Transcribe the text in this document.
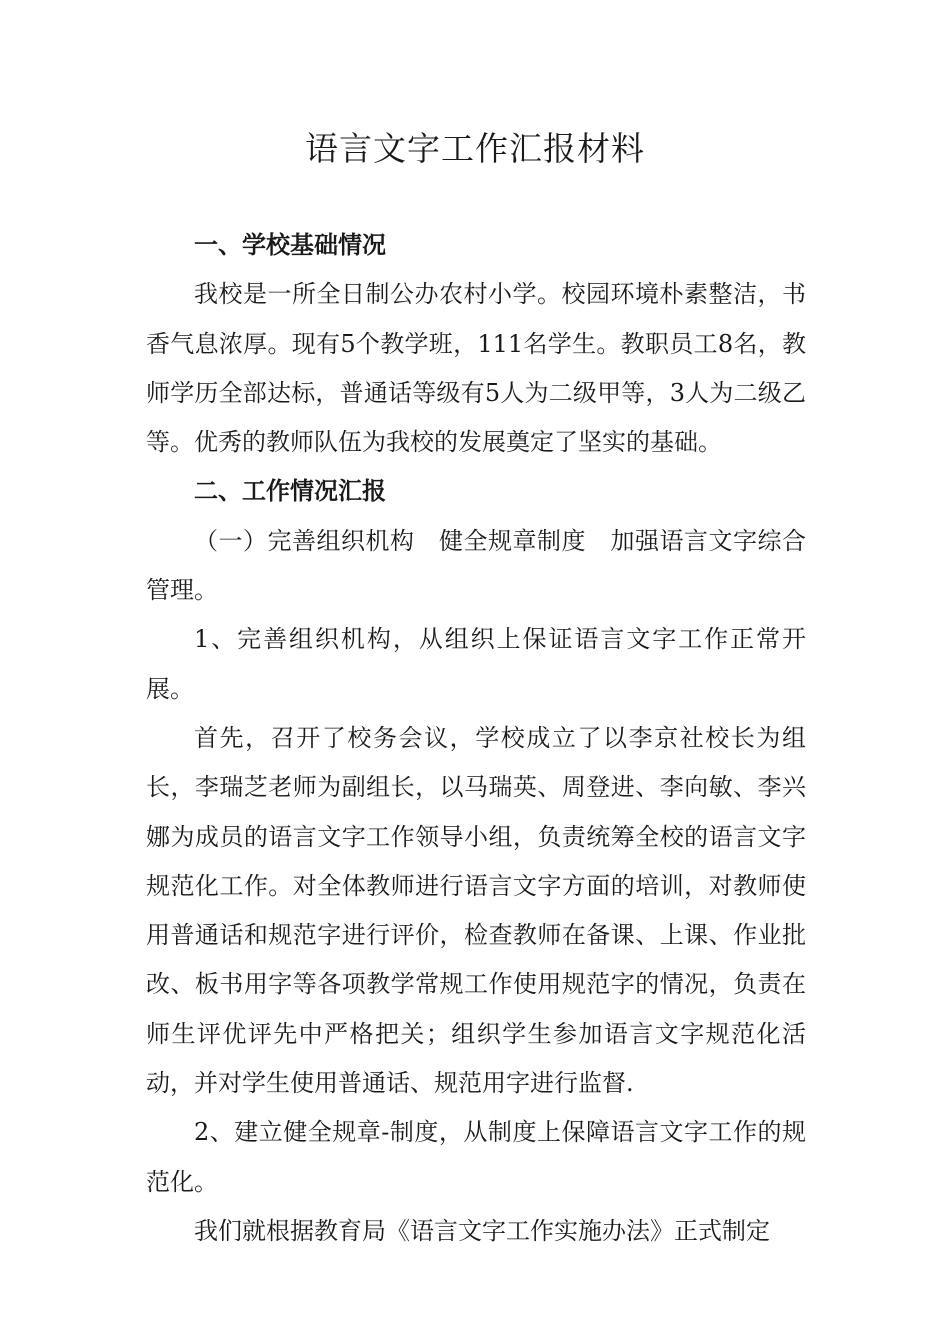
语言文字工作汇报材料

一、学校基础情况

我校是一所全日制公办农村小学。校园环境朴素整洁，书香气息浓厚。现有5个教学班，111名学生。教职员工8名，教师学历全部达标，普通话等级有5人为二级甲等，3人为二级乙等。优秀的教师队伍为我校的发展奠定了坚实的基础。

二、工作情况汇报

（一）完善组织机构　健全规章制度　加强语言文字综合管理。

1、完善组织机构，从组织上保证语言文字工作正常开展。

首先，召开了校务会议，学校成立了以李京社校长为组长，李瑞芝老师为副组长，以马瑞英、周登进、李向敏、李兴娜为成员的语言文字工作领导小组，负责统筹全校的语言文字规范化工作。对全体教师进行语言文字方面的培训，对教师使用普通话和规范字进行评价，检查教师在备课、上课、作业批改、板书用字等各项教学常规工作使用规范字的情况，负责在师生评优评先中严格把关；组织学生参加语言文字规范化活动，并对学生使用普通话、规范用字进行监督.

2、建立健全规章-制度，从制度上保障语言文字工作的规范化。

我们就根据教育局《语言文字工作实施办法》正式制定
